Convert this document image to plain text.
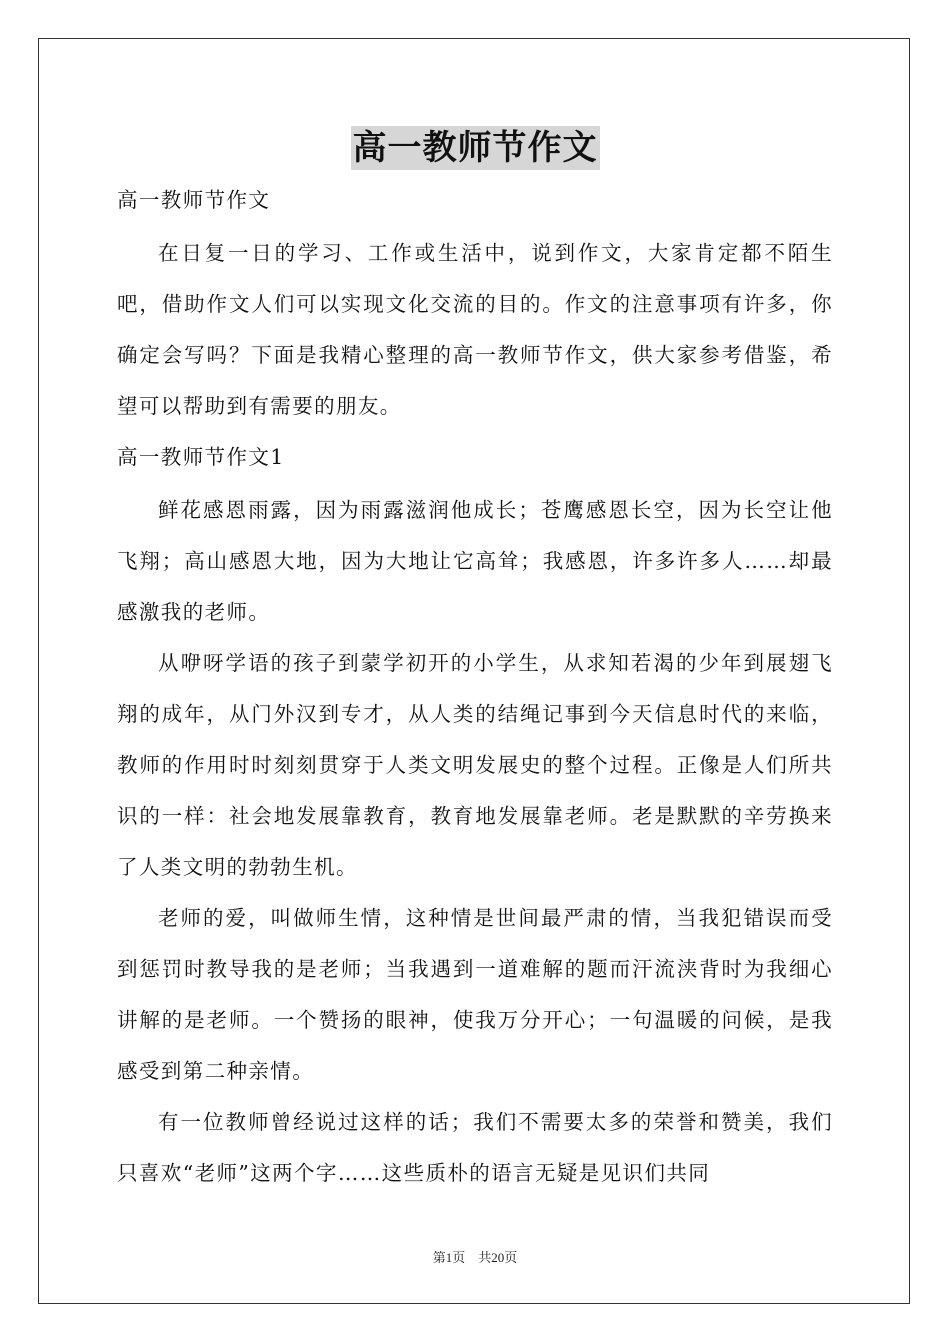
高一教师节作文

高一教师节作文

在日复一日的学习、工作或生活中，说到作文，大家肯定都不陌生吧，借助作文人们可以实现文化交流的目的。作文的注意事项有许多，你确定会写吗？下面是我精心整理的高一教师节作文，供大家参考借鉴，希望可以帮助到有需要的朋友。

高一教师节作文1

鲜花感恩雨露，因为雨露滋润他成长；苍鹰感恩长空，因为长空让他飞翔；高山感恩大地，因为大地让它高耸；我感恩，许多许多人……却最感激我的老师。

从咿呀学语的孩子到蒙学初开的小学生，从求知若渴的少年到展翅飞翔的成年，从门外汉到专才，从人类的结绳记事到今天信息时代的来临，教师的作用时时刻刻贯穿于人类文明发展史的整个过程。正像是人们所共识的一样：社会地发展靠教育，教育地发展靠老师。老是默默的辛劳换来了人类文明的勃勃生机。

老师的爱，叫做师生情，这种情是世间最严肃的情，当我犯错误而受到惩罚时教导我的是老师；当我遇到一道难解的题而汗流浃背时为我细心讲解的是老师。一个赞扬的眼神，使我万分开心；一句温暖的问候，是我感受到第二种亲情。

有一位教师曾经说过这样的话；我们不需要太多的荣誉和赞美，我们只喜欢“老师”这两个字……这些质朴的语言无疑是见识们共同

第1页　共20页
